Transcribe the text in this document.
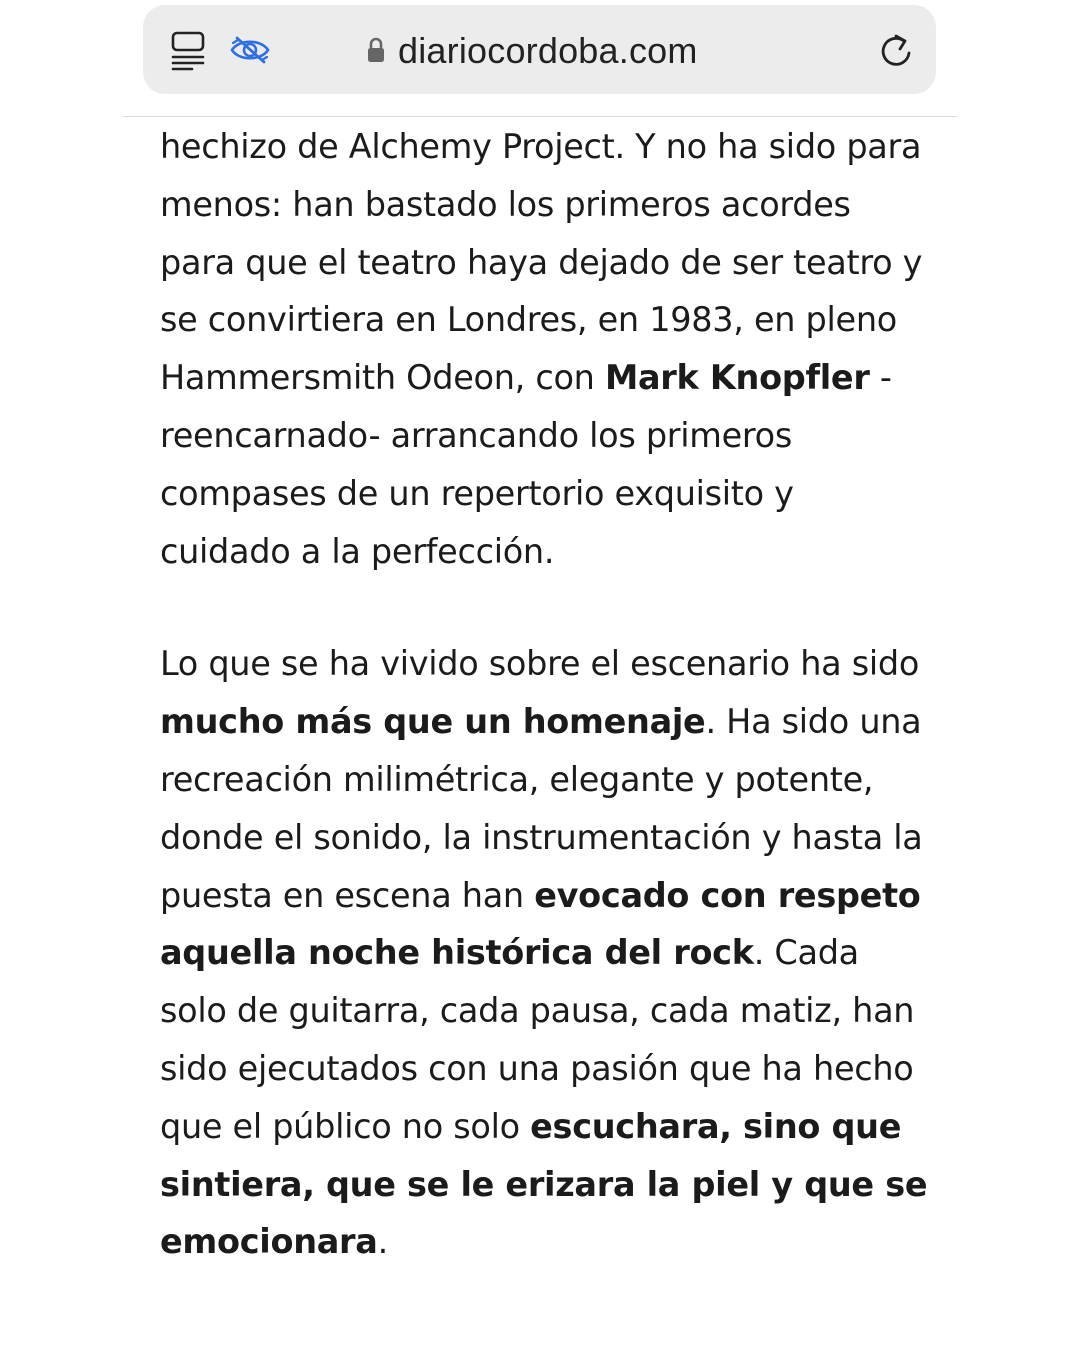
diariocordoba.com

hechizo de Alchemy Project. Y no ha sido para menos: han bastado los primeros acordes para que el teatro haya dejado de ser teatro y se convirtiera en Londres, en 1983, en pleno Hammersmith Odeon, con Mark Knopfler -reencarnado- arrancando los primeros compases de un repertorio exquisito y cuidado a la perfección.

Lo que se ha vivido sobre el escenario ha sido mucho más que un homenaje. Ha sido una recreación milimétrica, elegante y potente, donde el sonido, la instrumentación y hasta la puesta en escena han evocado con respeto aquella noche histórica del rock. Cada solo de guitarra, cada pausa, cada matiz, han sido ejecutados con una pasión que ha hecho que el público no solo escuchara, sino que sintiera, que se le erizara la piel y que se emocionara.
